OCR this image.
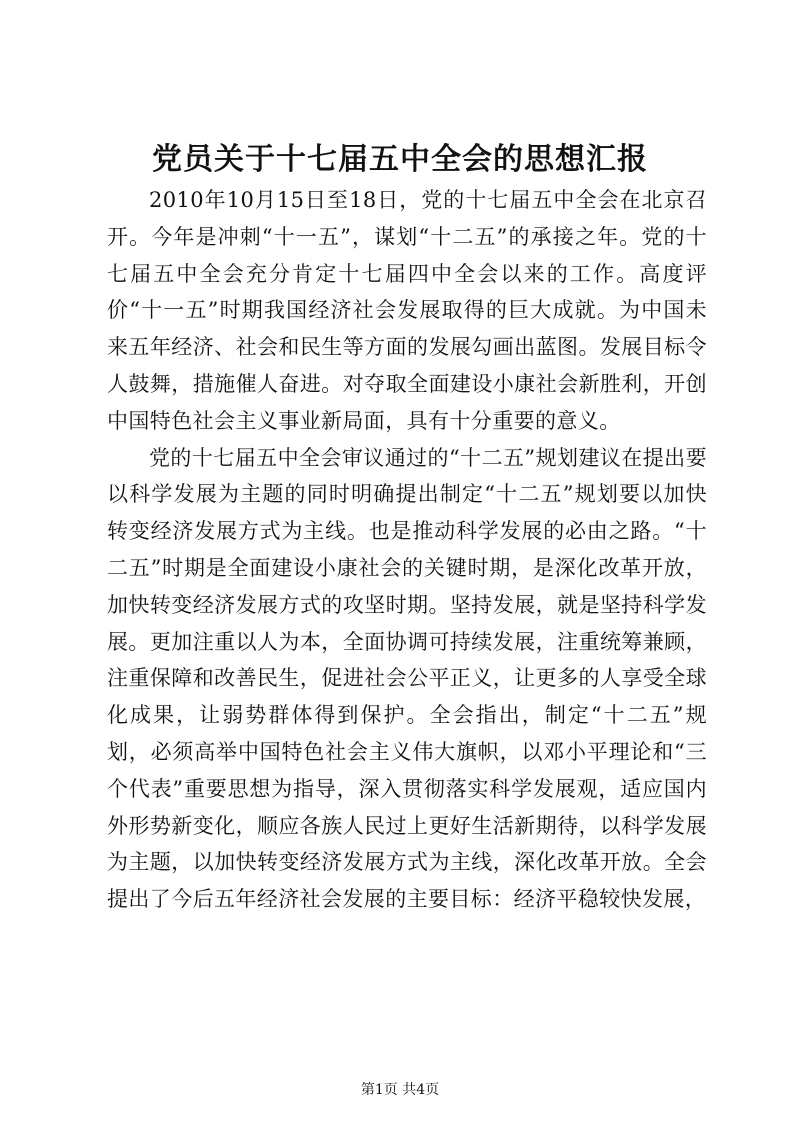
党员关于十七届五中全会的思想汇报

2010年10月15日至18日，党的十七届五中全会在北京召开。今年是冲刺“十一五”，谋划“十二五”的承接之年。党的十七届五中全会充分肯定十七届四中全会以来的工作。高度评价“十一五”时期我国经济社会发展取得的巨大成就。为中国未来五年经济、社会和民生等方面的发展勾画出蓝图。发展目标令人鼓舞，措施催人奋进。对夺取全面建设小康社会新胜利，开创中国特色社会主义事业新局面，具有十分重要的意义。

党的十七届五中全会审议通过的“十二五”规划建议在提出要以科学发展为主题的同时明确提出制定“十二五”规划要以加快转变经济发展方式为主线。也是推动科学发展的必由之路。“十二五”时期是全面建设小康社会的关键时期，是深化改革开放，加快转变经济发展方式的攻坚时期。坚持发展，就是坚持科学发展。更加注重以人为本，全面协调可持续发展，注重统筹兼顾，注重保障和改善民生，促进社会公平正义，让更多的人享受全球化成果，让弱势群体得到保护。全会指出，制定“十二五”规划，必须高举中国特色社会主义伟大旗帜，以邓小平理论和“三个代表”重要思想为指导，深入贯彻落实科学发展观，适应国内外形势新变化，顺应各族人民过上更好生活新期待，以科学发展为主题，以加快转变经济发展方式为主线，深化改革开放。全会提出了今后五年经济社会发展的主要目标：经济平稳较快发展，

第1页 共4页
